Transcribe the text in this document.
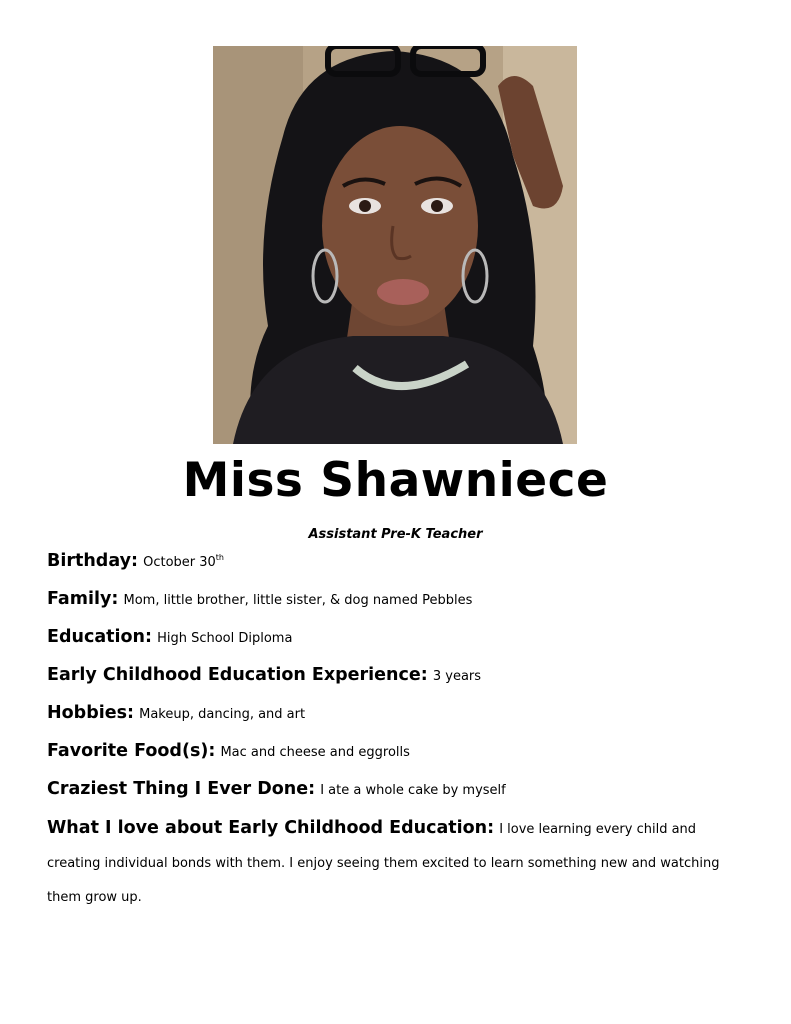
Miss Shawniece
Assistant Pre-K Teacher
Birthday: October 30th
Family: Mom, little brother, little sister, & dog named Pebbles
Education: High School Diploma
Early Childhood Education Experience: 3 years
Hobbies: Makeup, dancing, and art
Favorite Food(s): Mac and cheese and eggrolls
Craziest Thing I Ever Done: I ate a whole cake by myself
What I love about Early Childhood Education: I love learning every child and creating individual bonds with them. I enjoy seeing them excited to learn something new and watching them grow up.
